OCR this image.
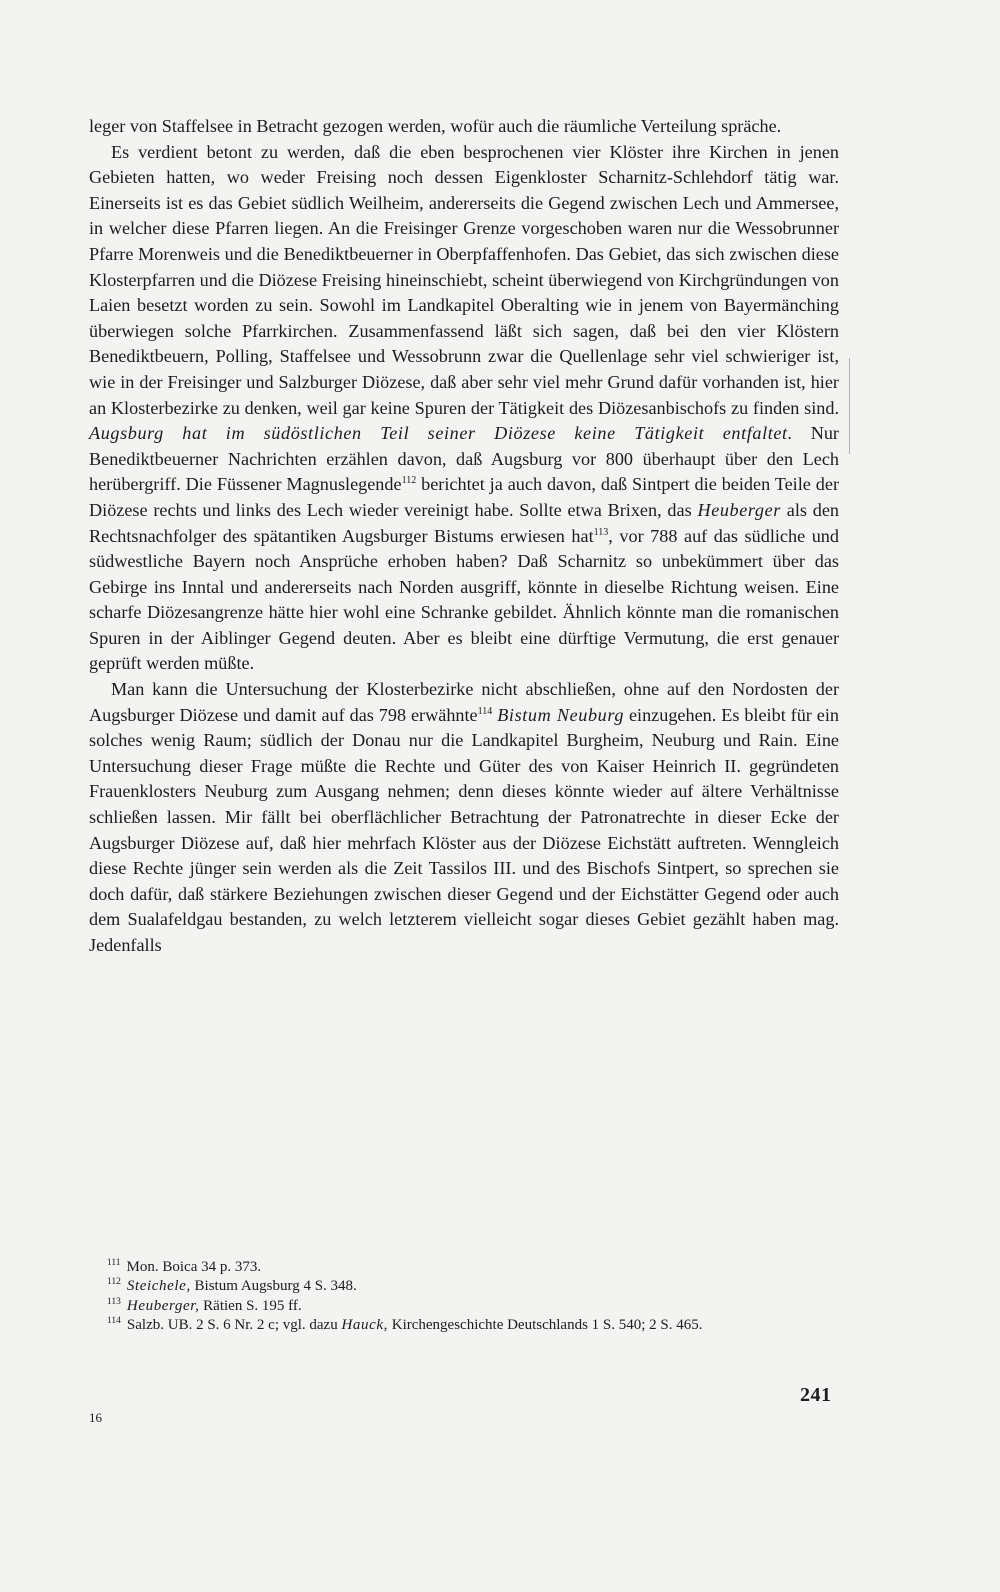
leger von Staffelsee in Betracht gezogen werden, wofür auch die räumliche Verteilung spräche.

Es verdient betont zu werden, daß die eben besprochenen vier Klöster ihre Kirchen in jenen Gebieten hatten, wo weder Freising noch dessen Eigenkloster Scharnitz-Schlehdorf tätig war. Einerseits ist es das Gebiet südlich Weilheim, andererseits die Gegend zwischen Lech und Ammersee, in welcher diese Pfarren liegen. An die Freisinger Grenze vorgeschoben waren nur die Wessobrunner Pfarre Morenweis und die Benediktbeuerner in Oberpfaffenhofen. Das Gebiet, das sich zwischen diese Klosterpfarren und die Diözese Freising hineinschiebt, scheint überwiegend von Kirchgründungen von Laien besetzt worden zu sein. Sowohl im Landkapitel Oberalting wie in jenem von Bayermänching überwiegen solche Pfarrkirchen. Zusammenfassend läßt sich sagen, daß bei den vier Klöstern Benediktbeuern, Polling, Staffelsee und Wessobrunn zwar die Quellenlage sehr viel schwieriger ist, wie in der Freisinger und Salzburger Diözese, daß aber sehr viel mehr Grund dafür vorhanden ist, hier an Klosterbezirke zu denken, weil gar keine Spuren der Tätigkeit des Diözesanbischofs zu finden sind. Augsburg hat im südöstlichen Teil seiner Diözese keine Tätigkeit entfaltet. Nur Benediktbeuerner Nachrichten erzählen davon, daß Augsburg vor 800 überhaupt über den Lech herübergriff. Die Füssener Magnuslegende$^{112}$ berichtet ja auch davon, daß Sintpert die beiden Teile der Diözese rechts und links des Lech wieder vereinigt habe. Sollte etwa Brixen, das Heuberger als den Rechtsnachfolger des spätantiken Augsburger Bistums erwiesen hat$^{113}$, vor 788 auf das südliche und südwestliche Bayern noch Ansprüche erhoben haben? Daß Scharnitz so unbekümmert über das Gebirge ins Inntal und andererseits nach Norden ausgriff, könnte in dieselbe Richtung weisen. Eine scharfe Diözesangrenze hätte hier wohl eine Schranke gebildet. Ähnlich könnte man die romanischen Spuren in der Aiblinger Gegend deuten. Aber es bleibt eine dürftige Vermutung, die erst genauer geprüft werden müßte.

Man kann die Untersuchung der Klosterbezirke nicht abschließen, ohne auf den Nordosten der Augsburger Diözese und damit auf das 798 erwähnte$^{114}$ Bistum Neuburg einzugehen. Es bleibt für ein solches wenig Raum; südlich der Donau nur die Landkapitel Burgheim, Neuburg und Rain. Eine Untersuchung dieser Frage müßte die Rechte und Güter des von Kaiser Heinrich II. gegründeten Frauenklosters Neuburg zum Ausgang nehmen; denn dieses könnte wieder auf ältere Verhältnisse schließen lassen. Mir fällt bei oberflächlicher Betrachtung der Patronatrechte in dieser Ecke der Augsburger Diözese auf, daß hier mehrfach Klöster aus der Diözese Eichstätt auftreten. Wenngleich diese Rechte jünger sein werden als die Zeit Tassilos III. und des Bischofs Sintpert, so sprechen sie doch dafür, daß stärkere Beziehungen zwischen dieser Gegend und der Eichstätter Gegend oder auch dem Sualafeldgau bestanden, zu welch letzterem vielleicht sogar dieses Gebiet gezählt haben mag. Jedenfalls

$^{111}$ Mon. Boica 34 p. 373.

$^{112}$ Steichele, Bistum Augsburg 4 S. 348.

$^{113}$ Heuberger, Rätien S. 195 ff.

$^{114}$ Salzb. UB. 2 S. 6 Nr. 2 c; vgl. dazu Hauck, Kirchengeschichte Deutschlands 1 S. 540; 2 S. 465.

241
16
